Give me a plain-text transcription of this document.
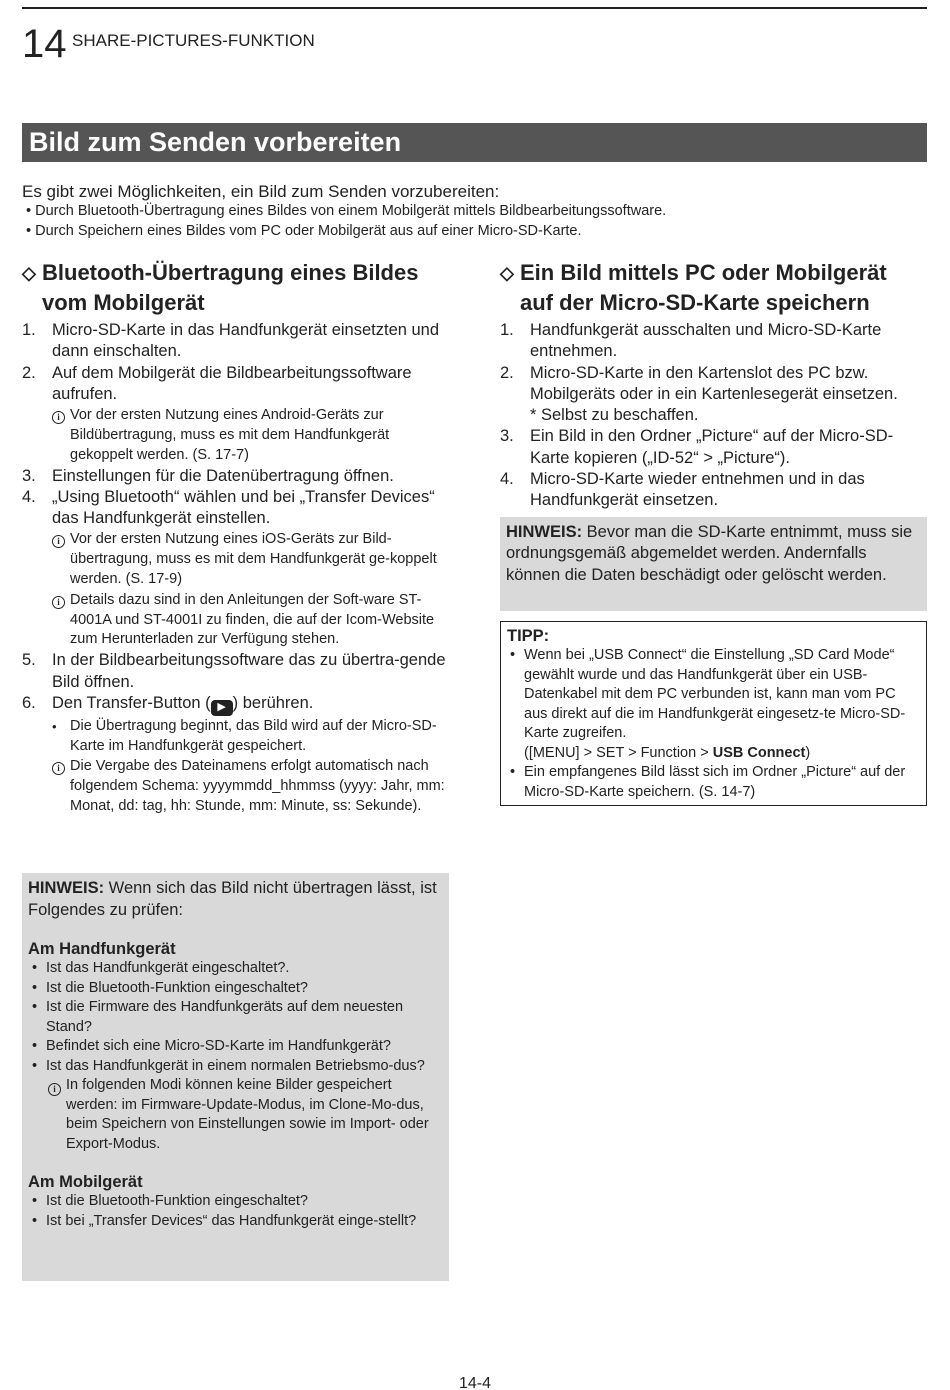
14 SHARE-PICTURES-FUNKTION
Bild zum Senden vorbereiten

Es gibt zwei Möglichkeiten, ein Bild zum Senden vorzubereiten:

• Durch Bluetooth-Übertragung eines Bildes von einem Mobilgerät mittels Bildbearbeitungssoftware.
• Durch Speichern eines Bildes vom PC oder Mobilgerät aus auf einer Micro-SD-Karte.
◇ Bluetooth-Übertragung eines Bildes
vom Mobilgerät
1. Micro-SD-Karte in das Handfunkgerät einsetzten und dann einschalten.
2. Auf dem Mobilgerät die Bildbearbeitungssoftware aufrufen.
i Vor der ersten Nutzung eines Android-Geräts zur Bildübertragung, muss es mit dem Handfunkgerät gekoppelt werden. (S. 17-7)
3. Einstellungen für die Datenübertragung öffnen.
4. „Using Bluetooth“ wählen und bei „Transfer Devices“ das Handfunkgerät einstellen.
i Vor der ersten Nutzung eines iOS-Geräts zur Bild-übertragung, muss es mit dem Handfunkgerät ge-koppelt werden. (S. 17-9)
i Details dazu sind in den Anleitungen der Soft-ware ST-4001A und ST-4001I zu finden, die auf der Icom-Website zum Herunterladen zur Verfügung stehen.
5. In der Bildbearbeitungssoftware das zu übertra-gende Bild öffnen.
6. Den Transfer-Button ( ▶ ) berühren.
• Die Übertragung beginnt, das Bild wird auf der Micro-SD-Karte im Handfunkgerät gespeichert.
i Die Vergabe des Dateinamens erfolgt automatisch nach folgendem Schema: yyyymmdd_hhmmss (yyyy: Jahr, mm: Monat, dd: tag, hh: Stunde, mm: Minute, ss: Sekunde).
◇ Ein Bild mittels PC oder Mobilgerät
auf der Micro-SD-Karte speichern
1. Handfunkgerät ausschalten und Micro-SD-Karte entnehmen.
2. Micro-SD-Karte in den Kartenslot des PC bzw. Mobilgeräts oder in ein Kartenlesegerät einsetzen.
* Selbst zu beschaffen.
3. Ein Bild in den Ordner „Picture“ auf der Micro-SD-Karte kopieren („ID-52“ > „Picture“).
4. Micro-SD-Karte wieder entnehmen und in das Handfunkgerät einsetzen.
HINWEIS: Bevor man die SD-Karte entnimmt, muss sie ordnungsgemäß abgemeldet werden. Andernfalls können die Daten beschädigt oder gelöscht werden.
TIPP:
• Wenn bei „USB Connect“ die Einstellung „SD Card Mode“ gewählt wurde und das Handfunkgerät über ein USB-Datenkabel mit dem PC verbunden ist, kann man vom PC aus direkt auf die im Handfunkgerät eingesetz-te Micro-SD-Karte zugreifen.
([MENU] > SET > Function > USB Connect)
• Ein empfangenes Bild lässt sich im Ordner „Picture“ auf der Micro-SD-Karte speichern. (S. 14-7)

HINWEIS: Wenn sich das Bild nicht übertragen lässt, ist Folgendes zu prüfen:

Am Handfunkgerät

• Ist das Handfunkgerät eingeschaltet?.
• Ist die Bluetooth-Funktion eingeschaltet?
• Ist die Firmware des Handfunkgeräts auf dem neuesten Stand?
• Befindet sich eine Micro-SD-Karte im Handfunkgerät?
• Ist das Handfunkgerät in einem normalen Betriebsmo-dus?
i In folgenden Modi können keine Bilder gespeichert werden: im Firmware-Update-Modus, im Clone-Mo-dus, beim Speichern von Einstellungen sowie im Import- oder Export-Modus.

Am Mobilgerät

• Ist die Bluetooth-Funktion eingeschaltet?
• Ist bei „Transfer Devices“ das Handfunkgerät einge-stellt?
14-4
